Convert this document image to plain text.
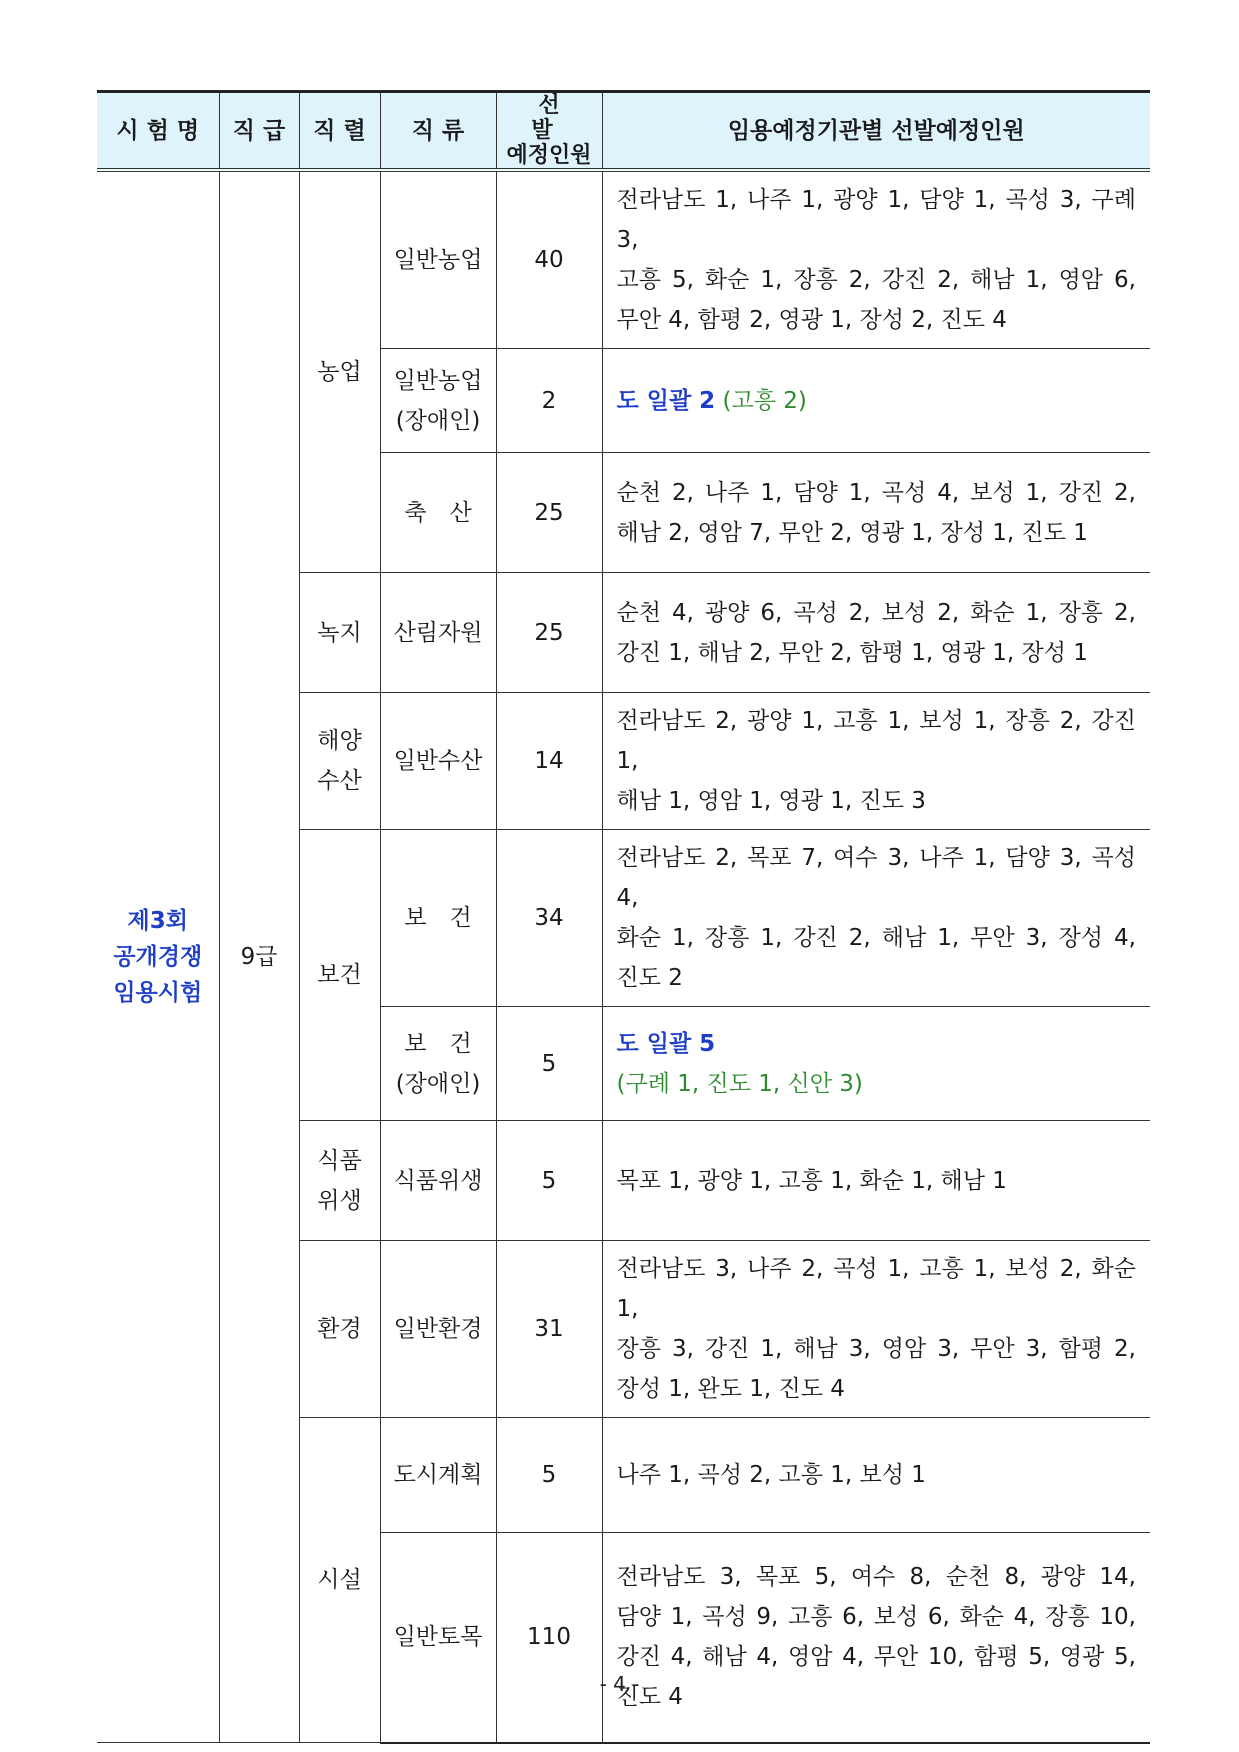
시 험 명	직 급	직 렬	직 류	선 발
예정인원	임용예정기관별 선발예정인원
제3회
공개경쟁
임용시험	9급	농업	일반농업	40	전라남도 1, 나주 1, 광양 1, 담양 1, 곡성 3, 구례 3,
고흥 5, 화순 1, 장흥 2, 강진 2, 해남 1, 영암 6,
무안 4, 함평 2, 영광 1, 장성 2, 진도 4

			일반농업
(장애인)	2	도 일괄 2 (고흥 2)
			축　산	25	순천 2, 나주 1, 담양 1, 곡성 4, 보성 1, 강진 2,
해남 2, 영암 7, 무안 2, 영광 1, 장성 1, 진도 1

		녹지	산림자원	25	순천 4, 광양 6, 곡성 2, 보성 2, 화순 1, 장흥 2,
강진 1, 해남 2, 무안 2, 함평 1, 영광 1, 장성 1

		해양
수산	일반수산	14	전라남도 2, 광양 1, 고흥 1, 보성 1, 장흥 2, 강진 1,
해남 1, 영암 1, 영광 1, 진도 3

		보건	보　건	34	전라남도 2, 목포 7, 여수 3, 나주 1, 담양 3, 곡성 4,
화순 1, 장흥 1, 강진 2, 해남 1, 무안 3, 장성 4,
진도 2

			보　건
(장애인)	5	도 일괄 5
(구례 1, 진도 1, 신안 3)
		식품
위생	식품위생	5	목포 1, 광양 1, 고흥 1, 화순 1, 해남 1

		환경	일반환경	31	전라남도 3, 나주 2, 곡성 1, 고흥 1, 보성 2, 화순 1,
장흥 3, 강진 1, 해남 3, 영암 3, 무안 3, 함평 2,
장성 1, 완도 1, 진도 4

		시설	도시계획	5	나주 1, 곡성 2, 고흥 1, 보성 1

			일반토목	110	전라남도 3, 목포 5, 여수 8, 순천 8, 광양 14,
담양 1, 곡성 9, 고흥 6, 보성 6, 화순 4, 장흥 10,
강진 4, 해남 4, 영암 4, 무안 10, 함평 5, 영광 5,
진도 4
- 4 -
